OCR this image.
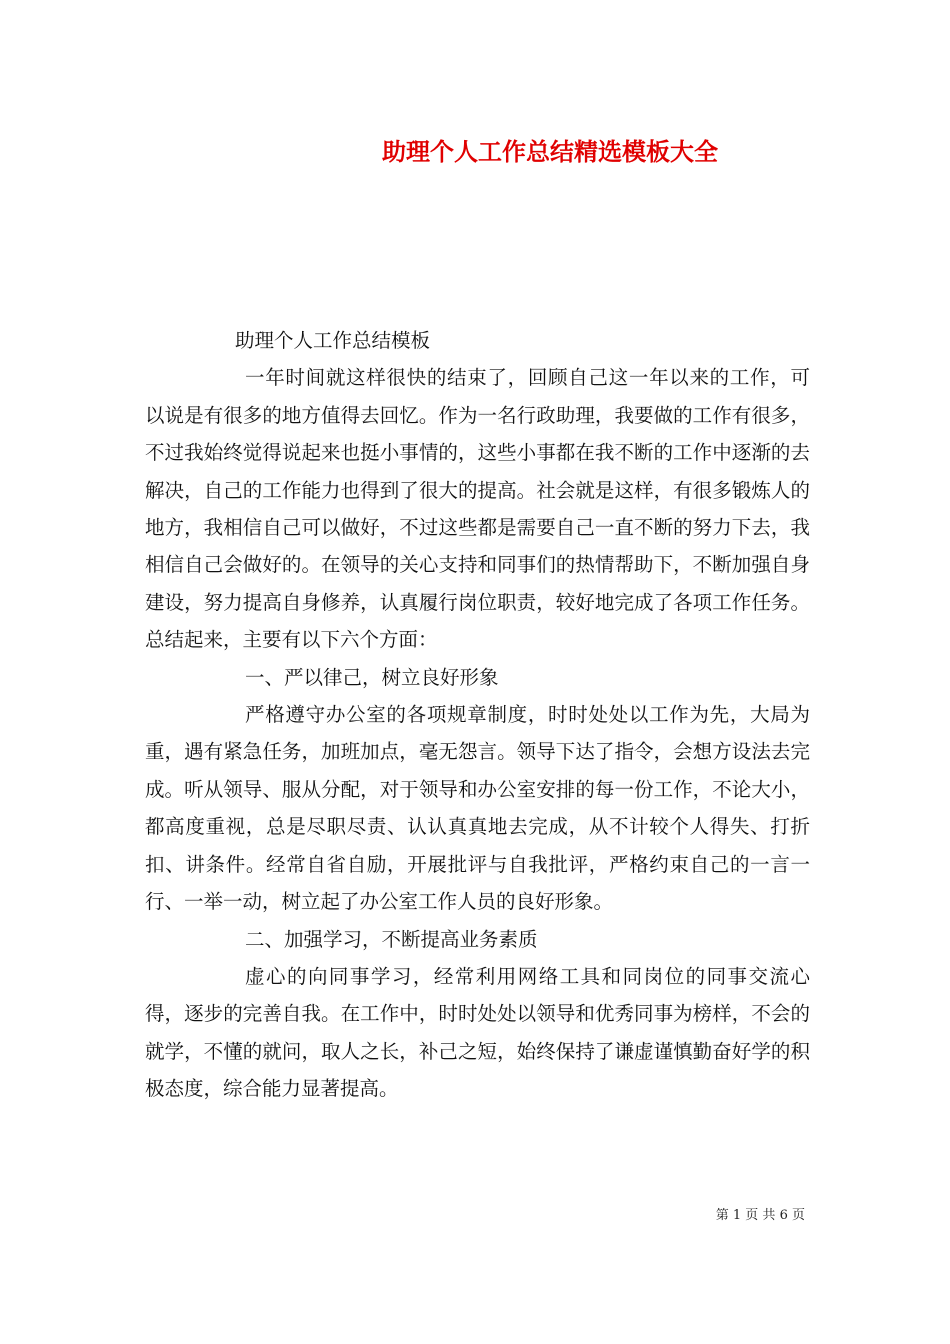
助理个人工作总结精选模板大全

助理个人工作总结模板

一年时间就这样很快的结束了，回顾自己这一年以来的工作，可以说是有很多的地方值得去回忆。作为一名行政助理，我要做的工作有很多，不过我始终觉得说起来也挺小事情的，这些小事都在我不断的工作中逐渐的去解决，自己的工作能力也得到了很大的提高。社会就是这样，有很多锻炼人的地方，我相信自己可以做好，不过这些都是需要自己一直不断的努力下去，我相信自己会做好的。在领导的关心支持和同事们的热情帮助下，不断加强自身建设，努力提高自身修养，认真履行岗位职责，较好地完成了各项工作任务。总结起来，主要有以下六个方面：

一、严以律己，树立良好形象

严格遵守办公室的各项规章制度，时时处处以工作为先，大局为重，遇有紧急任务，加班加点，毫无怨言。领导下达了指令，会想方设法去完成。听从领导、服从分配，对于领导和办公室安排的每一份工作，不论大小，都高度重视，总是尽职尽责、认认真真地去完成，从不计较个人得失、打折扣、讲条件。经常自省自励，开展批评与自我批评，严格约束自己的一言一行、一举一动，树立起了办公室工作人员的良好形象。

二、加强学习，不断提高业务素质

虚心的向同事学习，经常利用网络工具和同岗位的同事交流心得，逐步的完善自我。在工作中，时时处处以领导和优秀同事为榜样，不会的就学，不懂的就问，取人之长，补己之短，始终保持了谦虚谨慎勤奋好学的积极态度，综合能力显著提高。

第 1 页 共 6 页
